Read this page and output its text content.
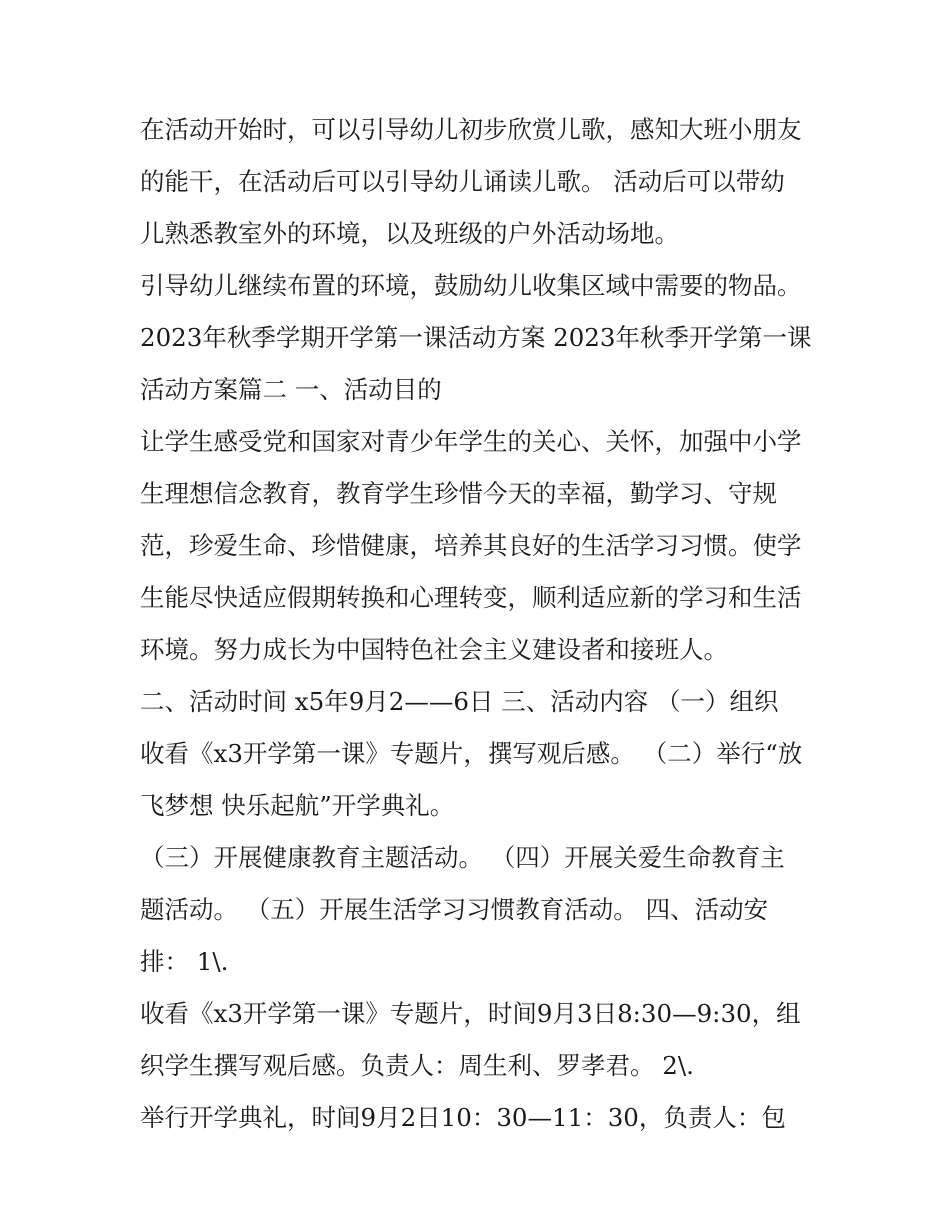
在活动开始时，可以引导幼儿初步欣赏儿歌，感知大班小朋友
的能干，在活动后可以引导幼儿诵读儿歌。 活动后可以带幼
儿熟悉教室外的环境，以及班级的户外活动场地。

引导幼儿继续布置的环境，鼓励幼儿收集区域中需要的物品。
2023年秋季学期开学第一课活动方案 2023年秋季开学第一课
活动方案篇二 一、活动目的

让学生感受党和国家对青少年学生的关心、关怀，加强中小学
生理想信念教育，教育学生珍惜今天的幸福，勤学习、守规
范，珍爱生命、珍惜健康，培养其良好的生活学习习惯。使学
生能尽快适应假期转换和心理转变，顺利适应新的学习和生活
环境。努力成长为中国特色社会主义建设者和接班人。

二、活动时间 x5年9月2——6日 三、活动内容 （一）组织
收看《x3开学第一课》专题片，撰写观后感。 （二）举行“放
飞梦想 快乐起航”开学典礼。

（三）开展健康教育主题活动。 （四）开展关爱生命教育主
题活动。 （五）开展生活学习习惯教育活动。 四、活动安
排： 1\.

收看《x3开学第一课》专题片，时间9月3日8:30—9:30，组
织学生撰写观后感。负责人：周生利、罗孝君。 2\.

举行开学典礼，时间9月2日10：30—11：30，负责人：包
